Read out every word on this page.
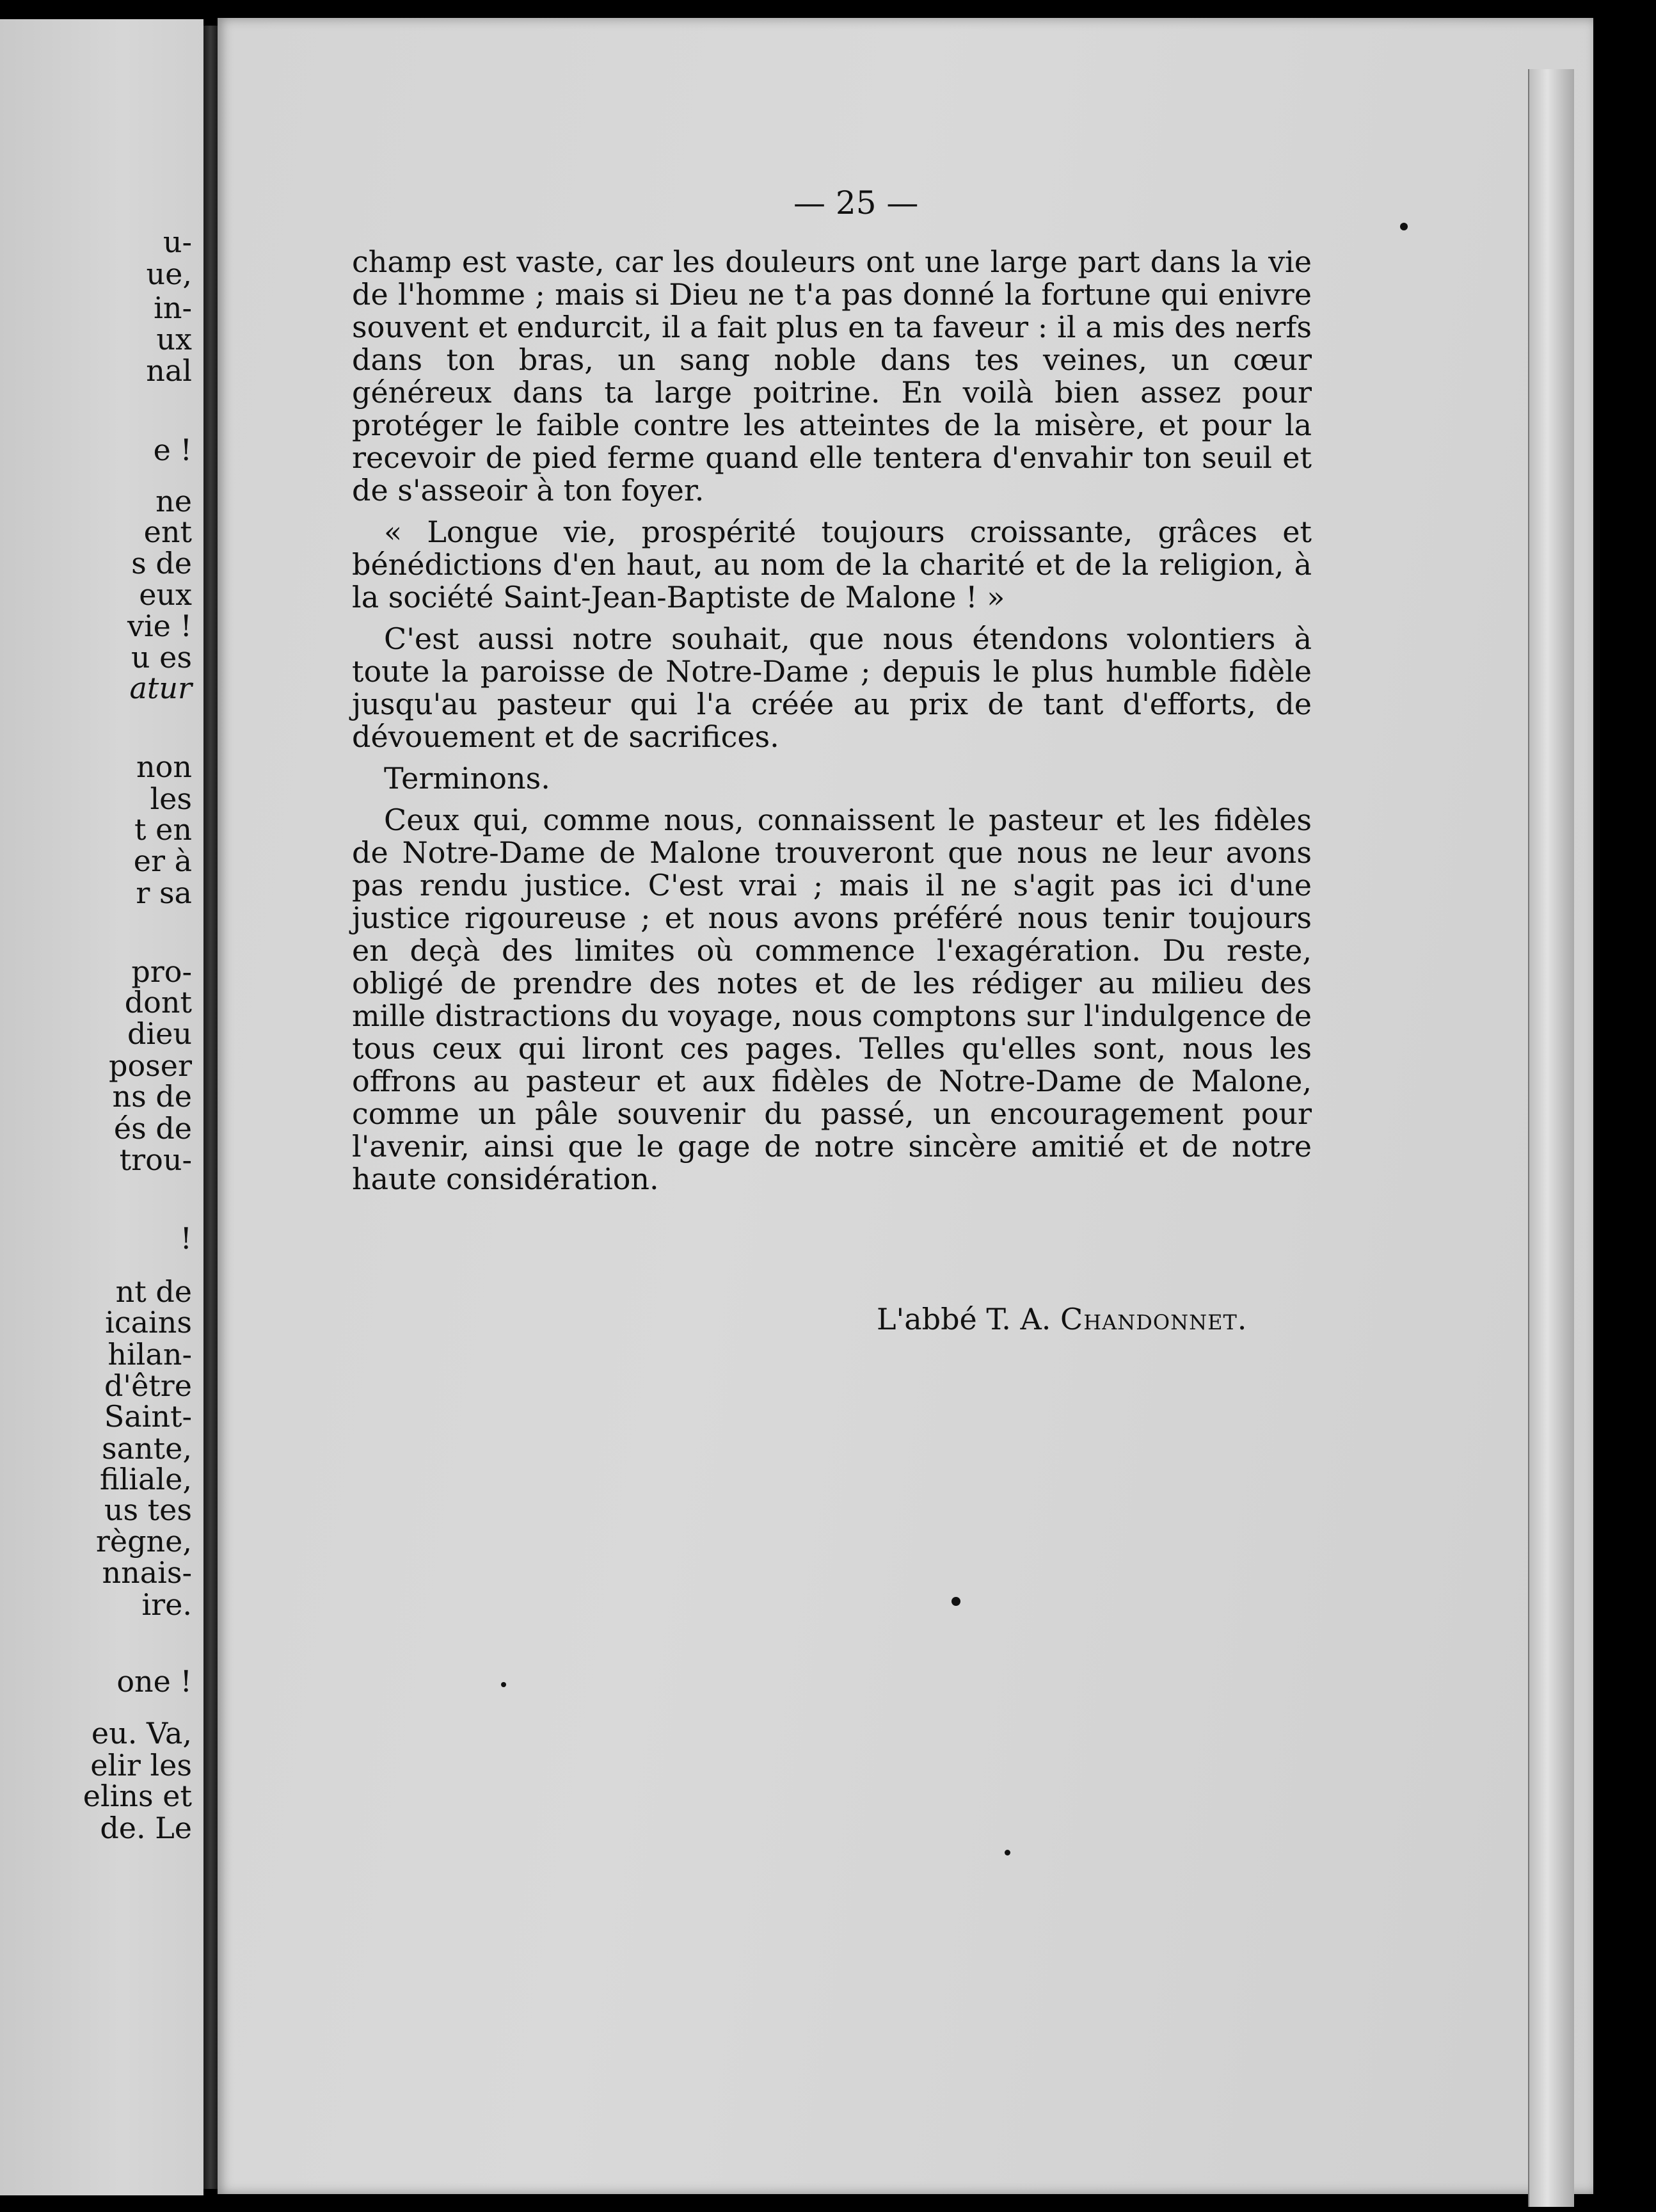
u-
ue,
in-
ux
nal
e !
ne
ent
s de
eux
vie !
u es
atur
non
les
t en
er à
r sa
pro-
dont
dieu
poser
ns de
és de
trou-
!
nt de
icains
hilan-
d'être
Saint-
sante,
filiale,
us tes
règne,
nnais-
ire.
one !
eu. Va,
elir les
elins et
de. Le
— 25 —

champ est vaste, car les douleurs ont une large part dans la vie de l'homme ; mais si Dieu ne t'a pas donné la fortune qui enivre souvent et endurcit, il a fait plus en ta faveur : il a mis des nerfs dans ton bras, un sang noble dans tes veines, un cœur généreux dans ta large poitrine. En voilà bien assez pour protéger le faible contre les atteintes de la misère, et pour la recevoir de pied ferme quand elle tentera d'envahir ton seuil et de s'asseoir à ton foyer.

« Longue vie, prospérité toujours croissante, grâces et bénédictions d'en haut, au nom de la charité et de la religion, à la société Saint-Jean-Baptiste de Malone ! »

C'est aussi notre souhait, que nous étendons volontiers à toute la paroisse de Notre-Dame ; depuis le plus humble fidèle jusqu'au pasteur qui l'a créée au prix de tant d'efforts, de dévouement et de sacrifices.

Terminons.

Ceux qui, comme nous, connaissent le pasteur et les fidèles de Notre-Dame de Malone trouveront que nous ne leur avons pas rendu justice. C'est vrai ; mais il ne s'agit pas ici d'une justice rigoureuse ; et nous avons préféré nous tenir toujours en deçà des limites où commence l'exagération. Du reste, obligé de prendre des notes et de les rédiger au milieu des mille distractions du voyage, nous comptons sur l'indulgence de tous ceux qui liront ces pages. Telles qu'elles sont, nous les offrons au pasteur et aux fidèles de Notre-Dame de Malone, comme un pâle souvenir du passé, un encouragement pour l'avenir, ainsi que le gage de notre sincère amitié et de notre haute considération.

L'abbé T. A. Chandonnet.
